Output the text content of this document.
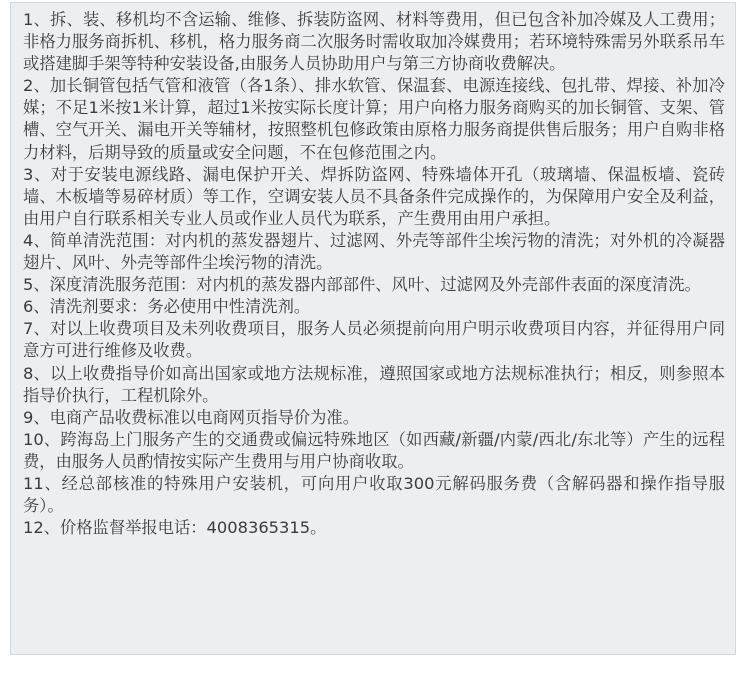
1、拆、装、移机均不含运输、维修、拆装防盗网、材料等费用，但已包含补加冷媒及人工费用；非格力服务商拆机、移机，格力服务商二次服务时需收取加冷媒费用；若环境特殊需另外联系吊车或搭建脚手架等特种安装设备,由服务人员协助用户与第三方协商收费解决。

2、加长铜管包括气管和液管（各1条）、排水软管、保温套、电源连接线、包扎带、焊接、补加冷媒；不足1米按1米计算，超过1米按实际长度计算；用户向格力服务商购买的加长铜管、支架、管槽、空气开关、漏电开关等辅材，按照整机包修政策由原格力服务商提供售后服务；用户自购非格力材料，后期导致的质量或安全问题，不在包修范围之内。

3、对于安装电源线路、漏电保护开关、焊拆防盗网、特殊墙体开孔（玻璃墙、保温板墙、瓷砖墙、木板墙等易碎材质）等工作，空调安装人员不具备条件完成操作的，为保障用户安全及利益，由用户自行联系相关专业人员或作业人员代为联系，产生费用由用户承担。

4、简单清洗范围：对内机的蒸发器翅片、过滤网、外壳等部件尘埃污物的清洗；对外机的冷凝器翅片、风叶、外壳等部件尘埃污物的清洗。

5、深度清洗服务范围：对内机的蒸发器内部部件、风叶、过滤网及外壳部件表面的深度清洗。

6、清洗剂要求：务必使用中性清洗剂。

7、对以上收费项目及未列收费项目，服务人员必须提前向用户明示收费项目内容，并征得用户同意方可进行维修及收费。

8、以上收费指导价如高出国家或地方法规标准，遵照国家或地方法规标准执行；相反，则参照本指导价执行，工程机除外。

9、电商产品收费标准以电商网页指导价为准。

10、跨海岛上门服务产生的交通费或偏远特殊地区（如西藏/新疆/内蒙/西北/东北等）产生的远程费，由服务人员酌情按实际产生费用与用户协商收取。

11、经总部核准的特殊用户安装机，可向用户收取300元解码服务费（含解码器和操作指导服务）。

12、价格监督举报电话：4008365315。
